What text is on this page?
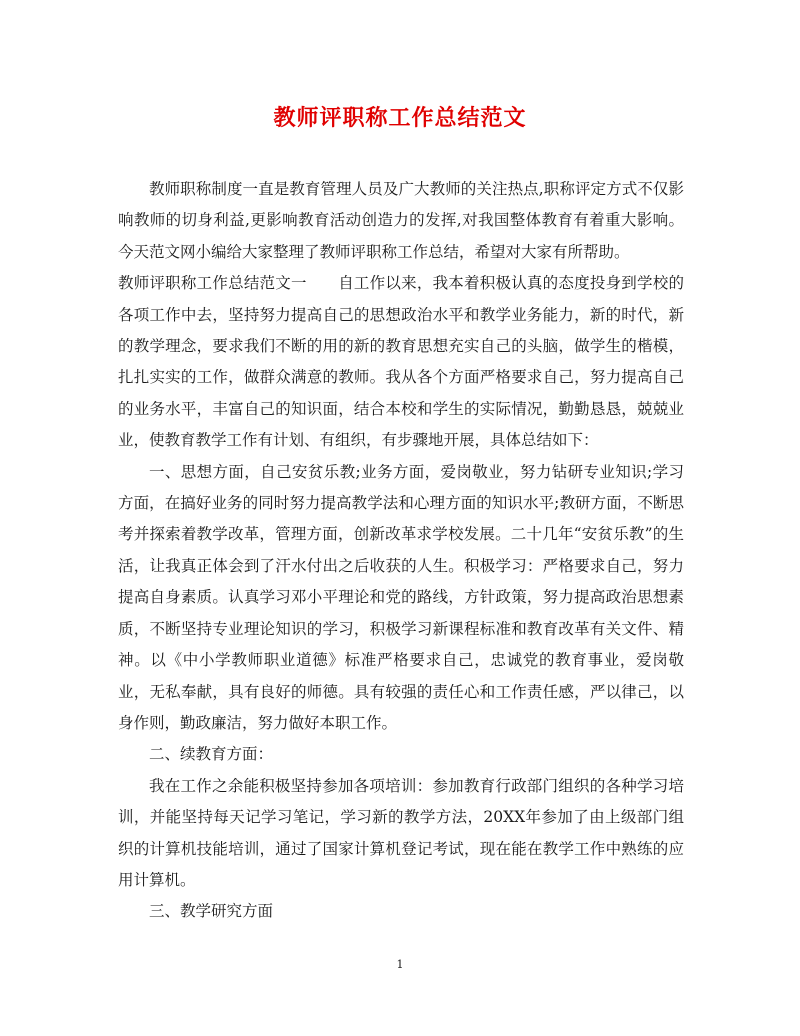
教师评职称工作总结范文

教师职称制度一直是教育管理人员及广大教师的关注热点,职称评定方式不仅影响教师的切身利益,更影响教育活动创造力的发挥,对我国整体教育有着重大影响。今天范文网小编给大家整理了教师评职称工作总结，希望对大家有所帮助。

教师评职称工作总结范文一　　自工作以来，我本着积极认真的态度投身到学校的各项工作中去，坚持努力提高自己的思想政治水平和教学业务能力，新的时代，新的教学理念，要求我们不断的用的新的教育思想充实自己的头脑，做学生的楷模，扎扎实实的工作，做群众满意的教师。我从各个方面严格要求自己，努力提高自己的业务水平，丰富自己的知识面，结合本校和学生的实际情况，勤勤恳恳，兢兢业业，使教育教学工作有计划、有组织，有步骤地开展，具体总结如下：

一、思想方面，自己安贫乐教;业务方面，爱岗敬业，努力钻研专业知识;学习方面，在搞好业务的同时努力提高教学法和心理方面的知识水平;教研方面，不断思考并探索着教学改革，管理方面，创新改革求学校发展。二十几年“安贫乐教”的生活，让我真正体会到了汗水付出之后收获的人生。积极学习：严格要求自己，努力提高自身素质。认真学习邓小平理论和党的路线，方针政策，努力提高政治思想素质，不断坚持专业理论知识的学习，积极学习新课程标准和教育改革有关文件、精神。以《中小学教师职业道德》标准严格要求自己，忠诚党的教育事业，爱岗敬业，无私奉献，具有良好的师德。具有较强的责任心和工作责任感，严以律己，以身作则，勤政廉洁，努力做好本职工作。

二、续教育方面：

我在工作之余能积极坚持参加各项培训：参加教育行政部门组织的各种学习培训，并能坚持每天记学习笔记，学习新的教学方法，20XX年参加了由上级部门组织的计算机技能培训，通过了国家计算机登记考试，现在能在教学工作中熟练的应用计算机。

三、教学研究方面

1
